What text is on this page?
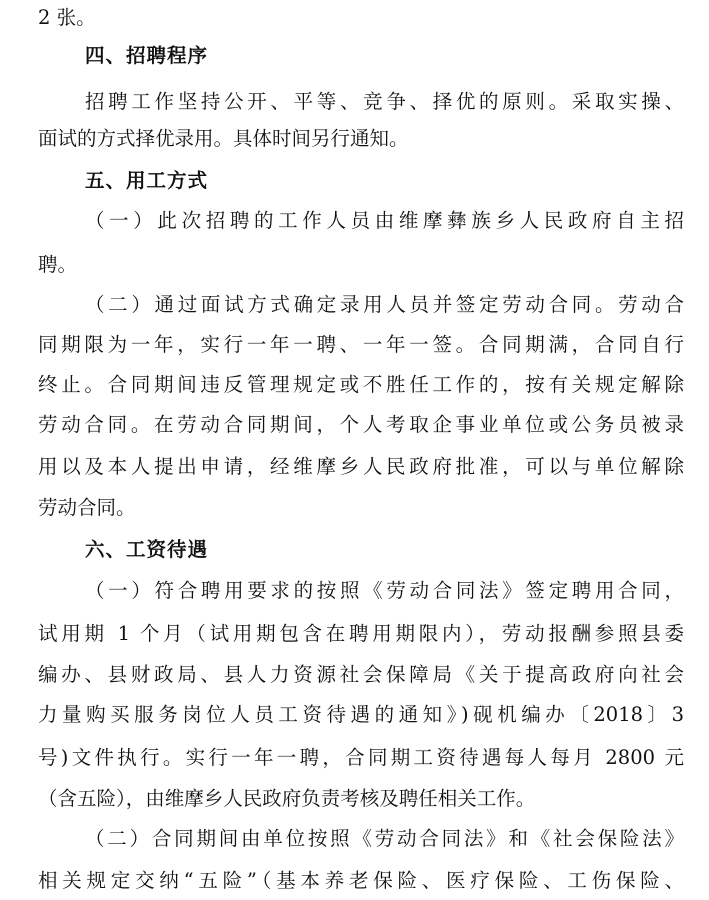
2 张。
四、招聘程序
招聘工作坚持公开、平等、竞争、择优的原则。采取实操、
面试的方式择优录用。具体时间另行通知。
五、用工方式
（一）此次招聘的工作人员由维摩彝族乡人民政府自主招
聘。
（二）通过面试方式确定录用人员并签定劳动合同。劳动合
同期限为一年，实行一年一聘、一年一签。合同期满，合同自行
终止。合同期间违反管理规定或不胜任工作的，按有关规定解除
劳动合同。在劳动合同期间，个人考取企事业单位或公务员被录
用以及本人提出申请，经维摩乡人民政府批准，可以与单位解除
劳动合同。
六、工资待遇
（一）符合聘用要求的按照《劳动合同法》签定聘用合同，
试用期 1 个月（试用期包含在聘用期限内），劳动报酬参照县委
编办、县财政局、县人力资源社会保障局《关于提高政府向社会
力量购买服务岗位人员工资待遇的通知》)砚机编办〔2018〕3
号)文件执行。实行一年一聘，合同期工资待遇每人每月 2800 元
（含五险），由维摩乡人民政府负责考核及聘任相关工作。
（二）合同期间由单位按照《劳动合同法》和《社会保险法》
相关规定交纳“五险”（基本养老保险、医疗保险、工伤保险、
